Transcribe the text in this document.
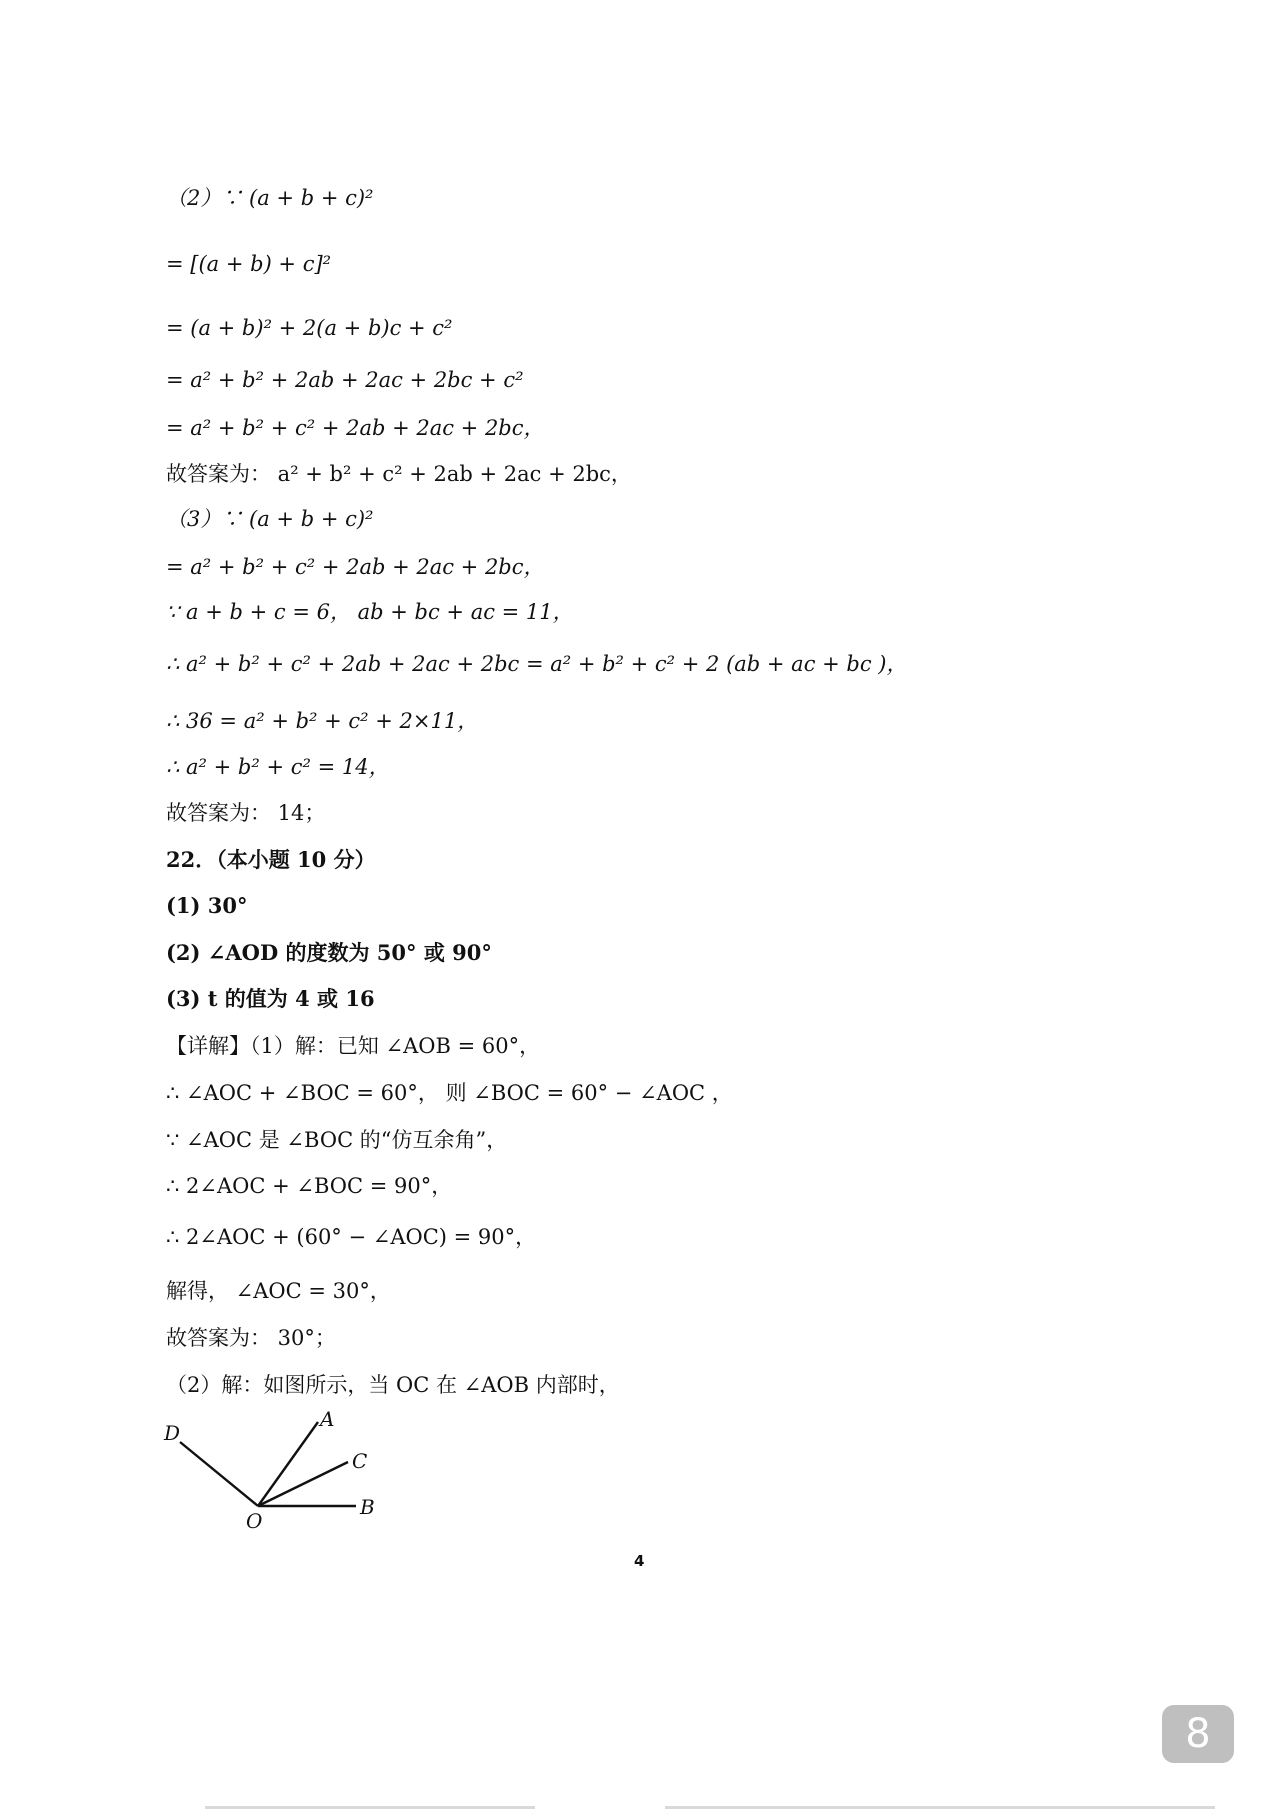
（2）∵ (a + b + c)²
= [(a + b) + c]²
= (a + b)² + 2(a + b)c + c²
= a² + b² + 2ab + 2ac + 2bc + c²
= a² + b² + c² + 2ab + 2ac + 2bc，
故答案为： a² + b² + c² + 2ab + 2ac + 2bc，
（3）∵ (a + b + c)²
= a² + b² + c² + 2ab + 2ac + 2bc，
∵ a + b + c = 6， ab + bc + ac = 11，
∴ a² + b² + c² + 2ab + 2ac + 2bc = a² + b² + c² + 2 (ab + ac + bc )，
∴ 36 = a² + b² + c² + 2×11，
∴ a² + b² + c² = 14，
故答案为： 14；
22．（本小题 10 分）
(1) 30°
(2) ∠AOD 的度数为 50° 或 90°
(3) t 的值为 4 或 16
【详解】（1）解：已知 ∠AOB = 60°，
∴ ∠AOC + ∠BOC = 60°， 则 ∠BOC = 60° − ∠AOC ，
∵ ∠AOC 是 ∠BOC 的“仿互余角”，
∴ 2∠AOC + ∠BOC = 90°，
∴ 2∠AOC + (60° − ∠AOC) = 90°，
解得， ∠AOC = 30°，
故答案为： 30°；
（2）解：如图所示，当 OC 在 ∠AOB 内部时，
D
A
C
O
B
4
8
